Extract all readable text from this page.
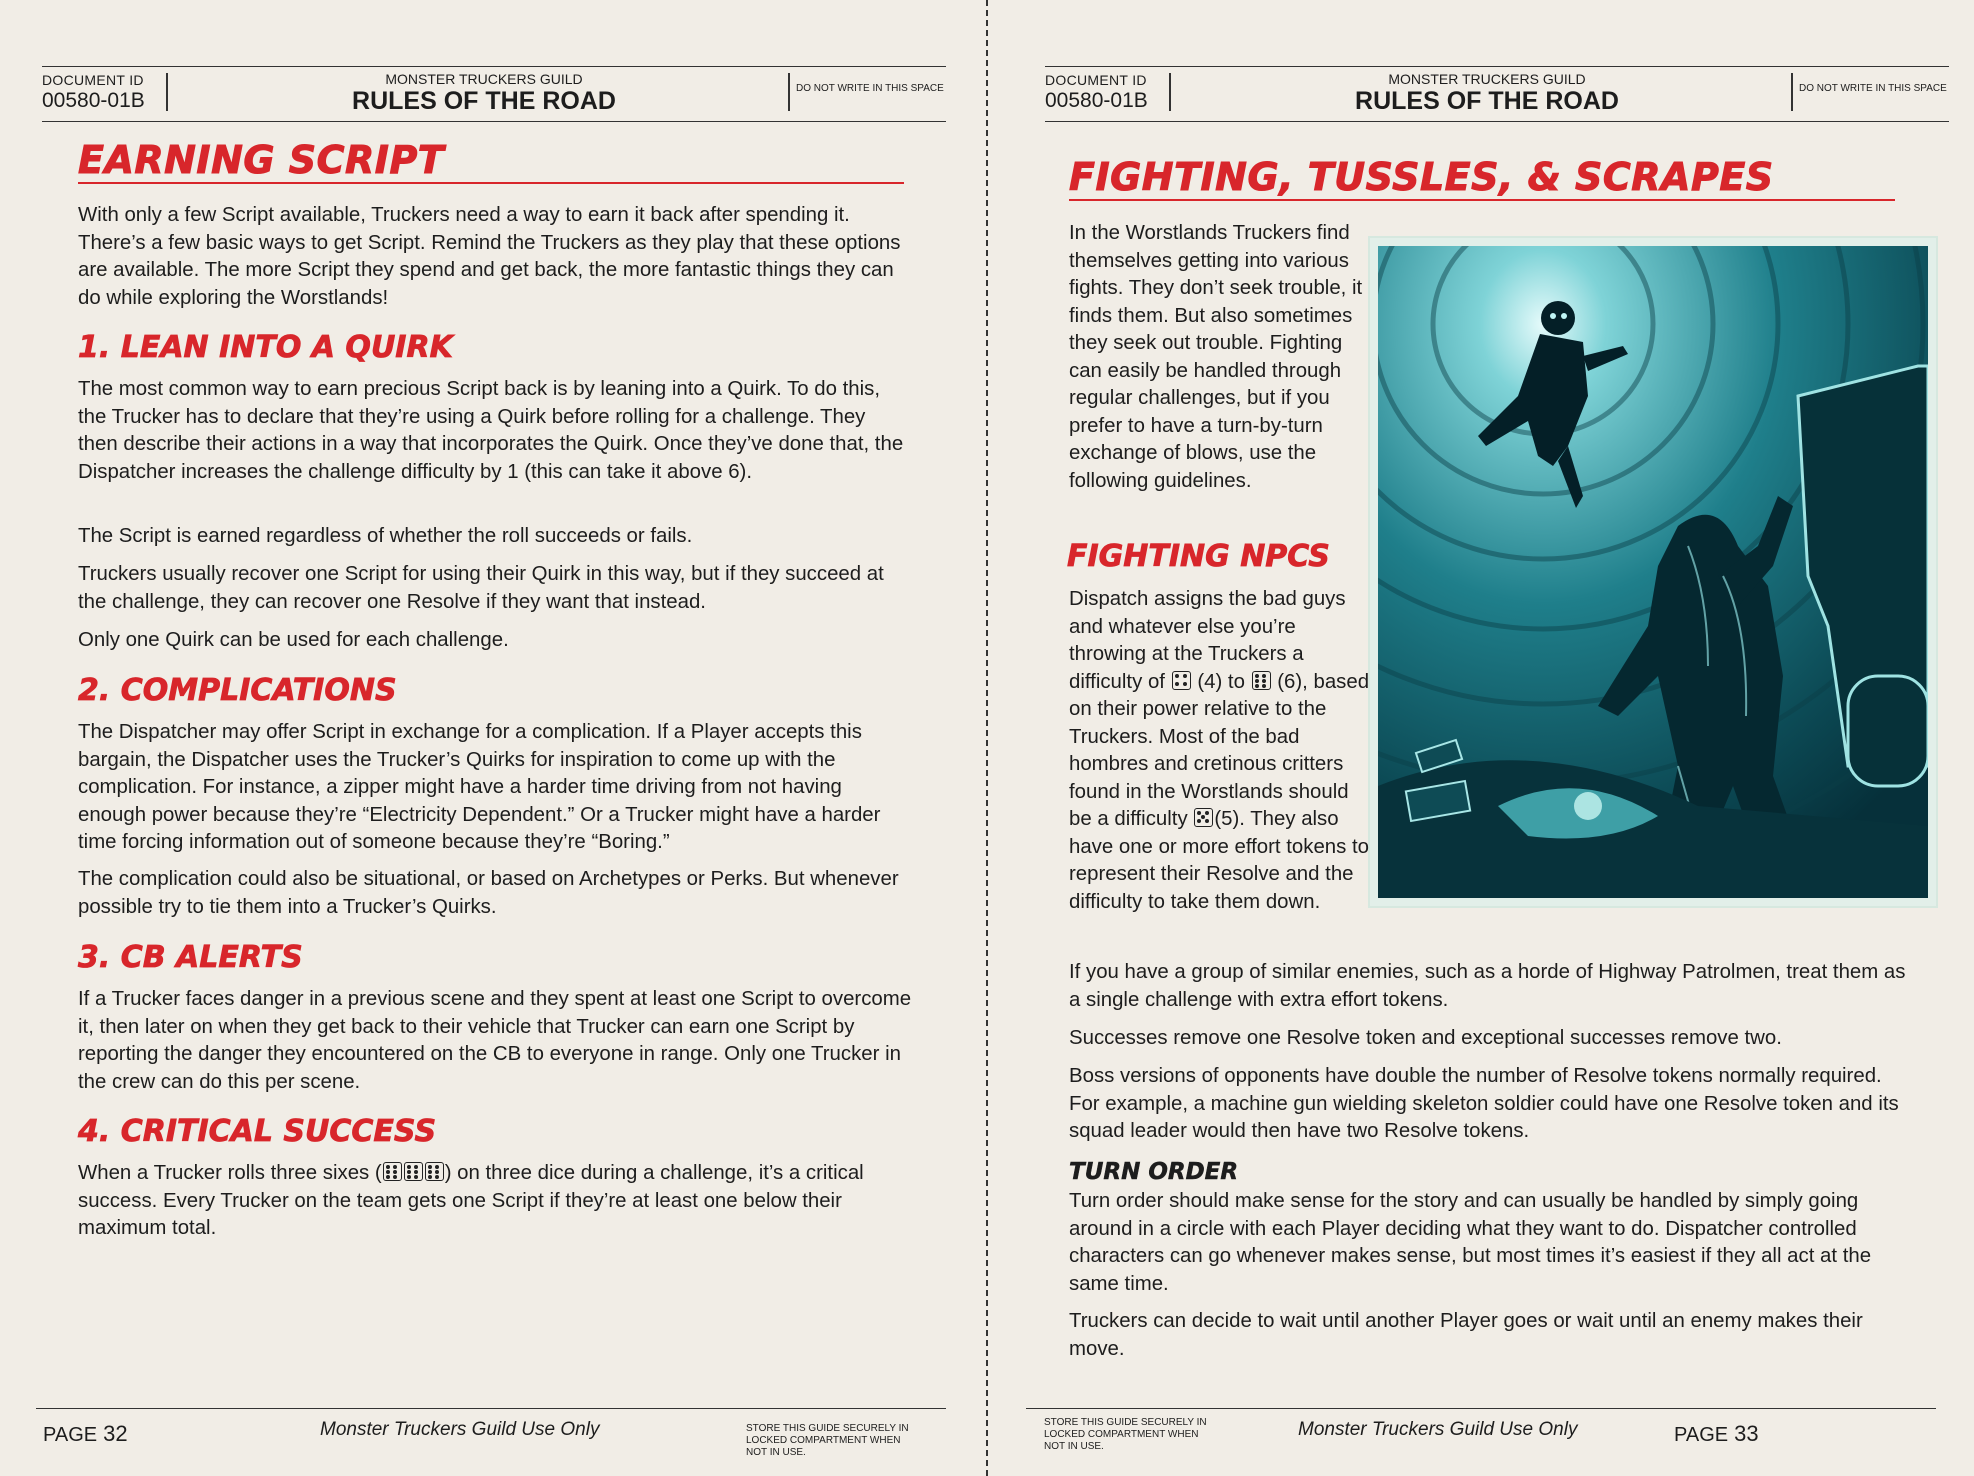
DOCUMENT ID
00580-01B
MONSTER TRUCKERS GUILD
RULES OF THE ROAD	DO NOT WRITE IN THIS SPACE
EARNING SCRIPT

With only a few Script available, Truckers need a way to earn it back after spending it. There’s a few basic ways to get Script. Remind the Truckers as they play that these options are available. The more Script they spend and get back, the more fantastic things they can do while exploring the Worstlands!

1. LEAN INTO A QUIRK

The most common way to earn precious Script back is by leaning into a Quirk. To do this, the Trucker has to declare that they’re using a Quirk before rolling for a challenge. They then describe their actions in a way that incorporates the Quirk. Once they’ve done that, the Dispatcher increases the challenge difficulty by 1 (this can take it above 6).

The Script is earned regardless of whether the roll succeeds or fails.

Truckers usually recover one Script for using their Quirk in this way, but if they succeed at the challenge, they can recover one Resolve if they want that instead.

Only one Quirk can be used for each challenge.

2. COMPLICATIONS

The Dispatcher may offer Script in exchange for a complication. If a Player accepts this bargain, the Dispatcher uses the Trucker’s Quirks for inspiration to come up with the complication. For instance, a zipper might have a harder time driving from not having enough power because they’re “Electricity Dependent.” Or a Trucker might have a harder time forcing information out of someone because they’re “Boring.”

The complication could also be situational, or based on Archetypes or Perks. But whenever possible try to tie them into a Trucker’s Quirks.

3. CB ALERTS

If a Trucker faces danger in a previous scene and they spent at least one Script to overcome it, then later on when they get back to their vehicle that Trucker can earn one Script by reporting the danger they encountered on the CB to everyone in range. Only one Trucker in the crew can do this per scene.

4. CRITICAL SUCCESS

When a Trucker rolls three sixes (	) on three dice during a challenge, it’s a critical success. Every Trucker on the team gets one Script if they’re at least one below their maximum total.

PAGE 32	Monster Truckers Guild Use Only	STORE THIS GUIDE SECURELY IN LOCKED COMPARTMENT WHEN NOT IN USE.
DOCUMENT ID
00580-01B
MONSTER TRUCKERS GUILD
RULES OF THE ROAD	DO NOT WRITE IN THIS SPACE
FIGHTING, TUSSLES, & SCRAPES

In the Worstlands Truckers find themselves getting into various fights. They don’t seek trouble, it finds them. But also sometimes they seek out trouble. Fighting can easily be handled through regular challenges, but if you prefer to have a turn-by-turn exchange of blows, use the following guidelines.

FIGHTING NPCS

Dispatch assigns the bad guys and whatever else you’re throwing at the Truckers a difficulty of (4) to (6), based on their power relative to the Truckers. Most of the bad hombres and cretinous critters found in the Worstlands should be a difficulty (5). They also have one or more effort tokens to represent their Resolve and the difficulty to take them down.

If you have a group of similar enemies, such as a horde of Highway Patrolmen, treat them as a single challenge with extra effort tokens.

Successes remove one Resolve token and exceptional successes remove two.

Boss versions of opponents have double the number of Resolve tokens normally required. For example, a machine gun wielding skeleton soldier could have one Resolve token and its squad leader would then have two Resolve tokens.

TURN ORDER

Turn order should make sense for the story and can usually be handled by simply going around in a circle with each Player deciding what they want to do. Dispatcher controlled characters can go whenever makes sense, but most times it’s easiest if they all act at the same time.

Truckers can decide to wait until another Player goes or wait until an enemy makes their move.

STORE THIS GUIDE SECURELY IN LOCKED COMPARTMENT WHEN NOT IN USE.
Monster Truckers Guild Use Only	PAGE 33
